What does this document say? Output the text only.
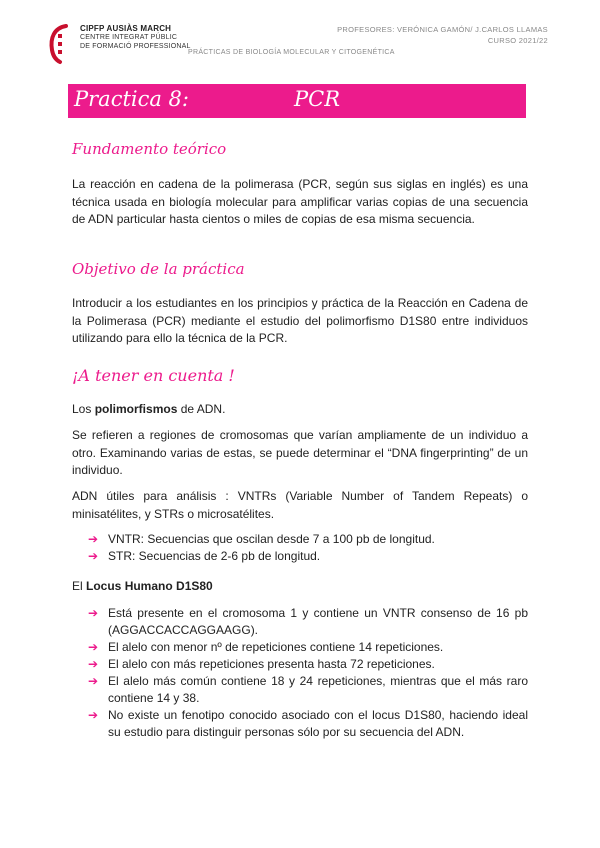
CIPFP AUSIÀS MARCH
CENTRE INTEGRAT PÚBLIC
DE FORMACIÓ PROFESSIONAL
PROFESORES: VERÓNICA GAMÓN/ J.CARLOS LLAMAS
CURSO 2021/22
PRÁCTICAS DE BIOLOGÍA MOLECULAR Y CITOGENÉTICA
Practica 8:	PCR
Fundamento teórico
La reacción en cadena de la polimerasa (PCR, según sus siglas en inglés) es una técnica usada en biología molecular para amplificar varias copias de una secuencia de ADN particular hasta cientos o miles de copias de esa misma secuencia.
Objetivo de la práctica
Introducir a los estudiantes en los principios y práctica de la Reacción en Cadena de la Polimerasa (PCR) mediante el estudio del polimorfismo D1S80 entre individuos utilizando para ello la técnica de la PCR.
¡A tener en cuenta !
Los polimorfismos de ADN.
Se refieren a regiones de cromosomas que varían ampliamente de un individuo a otro. Examinando varias de estas, se puede determinar el “DNA fingerprinting” de un individuo.
ADN útiles para análisis : VNTRs (Variable Number of Tandem Repeats) o minisatélites, y STRs o microsatélites.
➔ VNTR: Secuencias que oscilan desde 7 a 100 pb de longitud.
➔ STR: Secuencias de 2-6 pb de longitud.
El Locus Humano D1S80
➔ Está presente en el cromosoma 1 y contiene un VNTR consenso de 16 pb (AGGACCACCAGGAAGG).
➔ El alelo con menor nº de repeticiones contiene 14 repeticiones.
➔ El alelo con más repeticiones presenta hasta 72 repeticiones.
➔ El alelo más común contiene 18 y 24 repeticiones, mientras que el más raro contiene 14 y 38.
➔ No existe un fenotipo conocido asociado con el locus D1S80, haciendo ideal su estudio para distinguir personas sólo por su secuencia del ADN.
